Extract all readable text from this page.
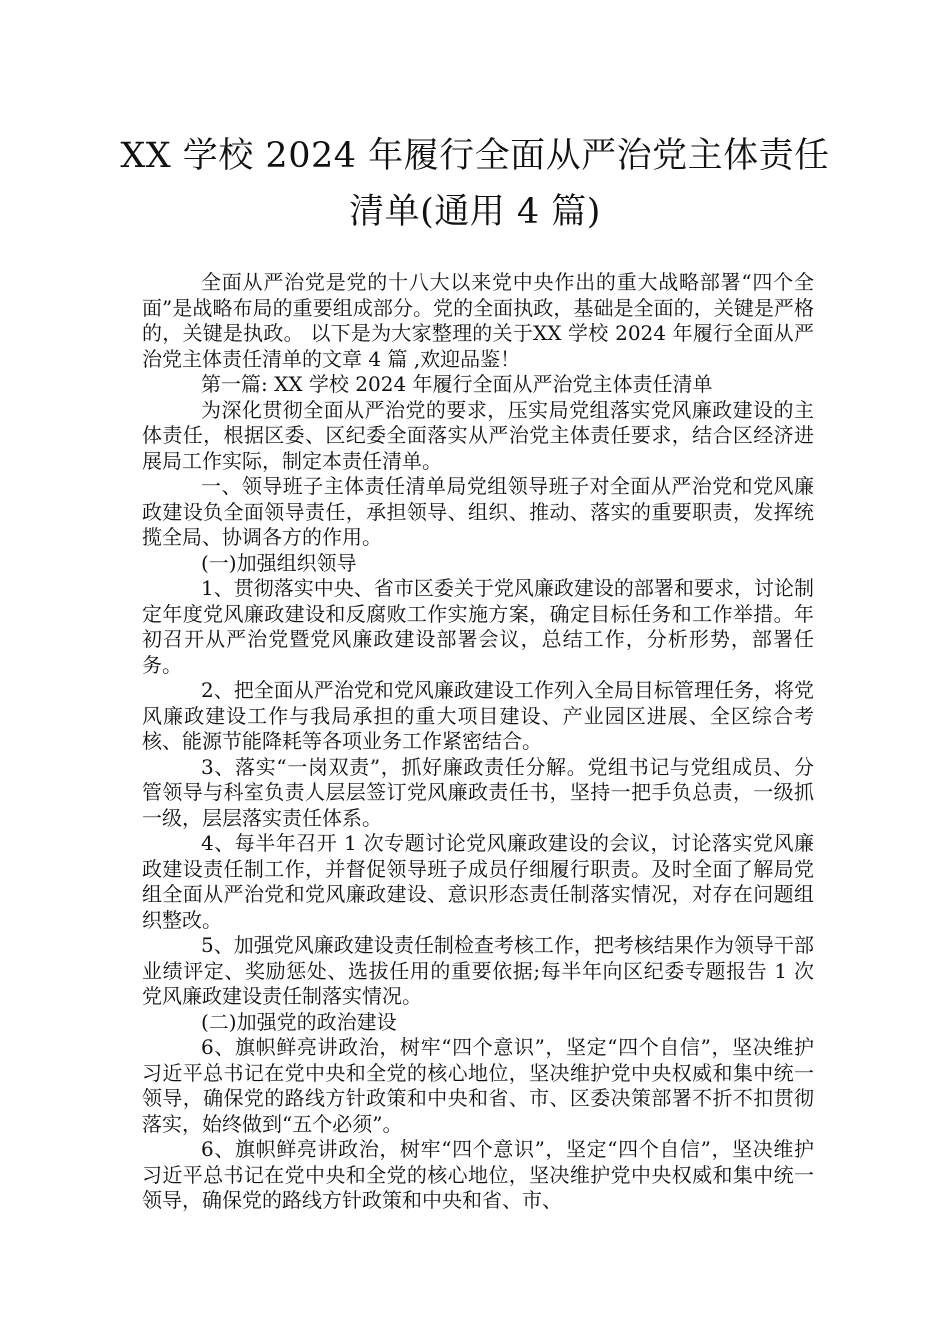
XX 学校 2024 年履行全面从严治党主体责任
清单(通用 4 篇)

全面从严治党是党的十八大以来党中央作出的重大战略部署“四个全面”是战略布局的重要组成部分。党的全面执政，基础是全面的，关键是严格的，关键是执政。 以下是为大家整理的关于XX 学校 2024 年履行全面从严治党主体责任清单的文章 4 篇 ,欢迎品鉴！

第一篇: XX 学校 2024 年履行全面从严治党主体责任清单

为深化贯彻全面从严治党的要求，压实局党组落实党风廉政建设的主体责任，根据区委、区纪委全面落实从严治党主体责任要求，结合区经济进展局工作实际，制定本责任清单。

一、领导班子主体责任清单局党组领导班子对全面从严治党和党风廉政建设负全面领导责任，承担领导、组织、推动、落实的重要职责，发挥统揽全局、协调各方的作用。

(一)加强组织领导

1、贯彻落实中央、省市区委关于党风廉政建设的部署和要求，讨论制定年度党风廉政建设和反腐败工作实施方案，确定目标任务和工作举措。年初召开从严治党暨党风廉政建设部署会议，总结工作，分析形势，部署任务。

2、把全面从严治党和党风廉政建设工作列入全局目标管理任务，将党风廉政建设工作与我局承担的重大项目建设、产业园区进展、全区综合考核、能源节能降耗等各项业务工作紧密结合。

3、落实“一岗双责”，抓好廉政责任分解。党组书记与党组成员、分管领导与科室负责人层层签订党风廉政责任书，坚持一把手负总责，一级抓一级，层层落实责任体系。

4、每半年召开 1 次专题讨论党风廉政建设的会议，讨论落实党风廉政建设责任制工作，并督促领导班子成员仔细履行职责。及时全面了解局党组全面从严治党和党风廉政建设、意识形态责任制落实情况，对存在问题组织整改。

5、加强党风廉政建设责任制检查考核工作，把考核结果作为领导干部业绩评定、奖励惩处、选拔任用的重要依据;每半年向区纪委专题报告 1 次党风廉政建设责任制落实情况。

(二)加强党的政治建设

6、旗帜鲜亮讲政治，树牢“四个意识”，坚定“四个自信”，坚决维护习近平总书记在党中央和全党的核心地位，坚决维护党中央权威和集中统一领导，确保党的路线方针政策和中央和省、市、区委决策部署不折不扣贯彻落实，始终做到“五个必须”。

6、旗帜鲜亮讲政治，树牢“四个意识”，坚定“四个自信”，坚决维护习近平总书记在党中央和全党的核心地位，坚决维护党中央权威和集中统一领导，确保党的路线方针政策和中央和省、市、
